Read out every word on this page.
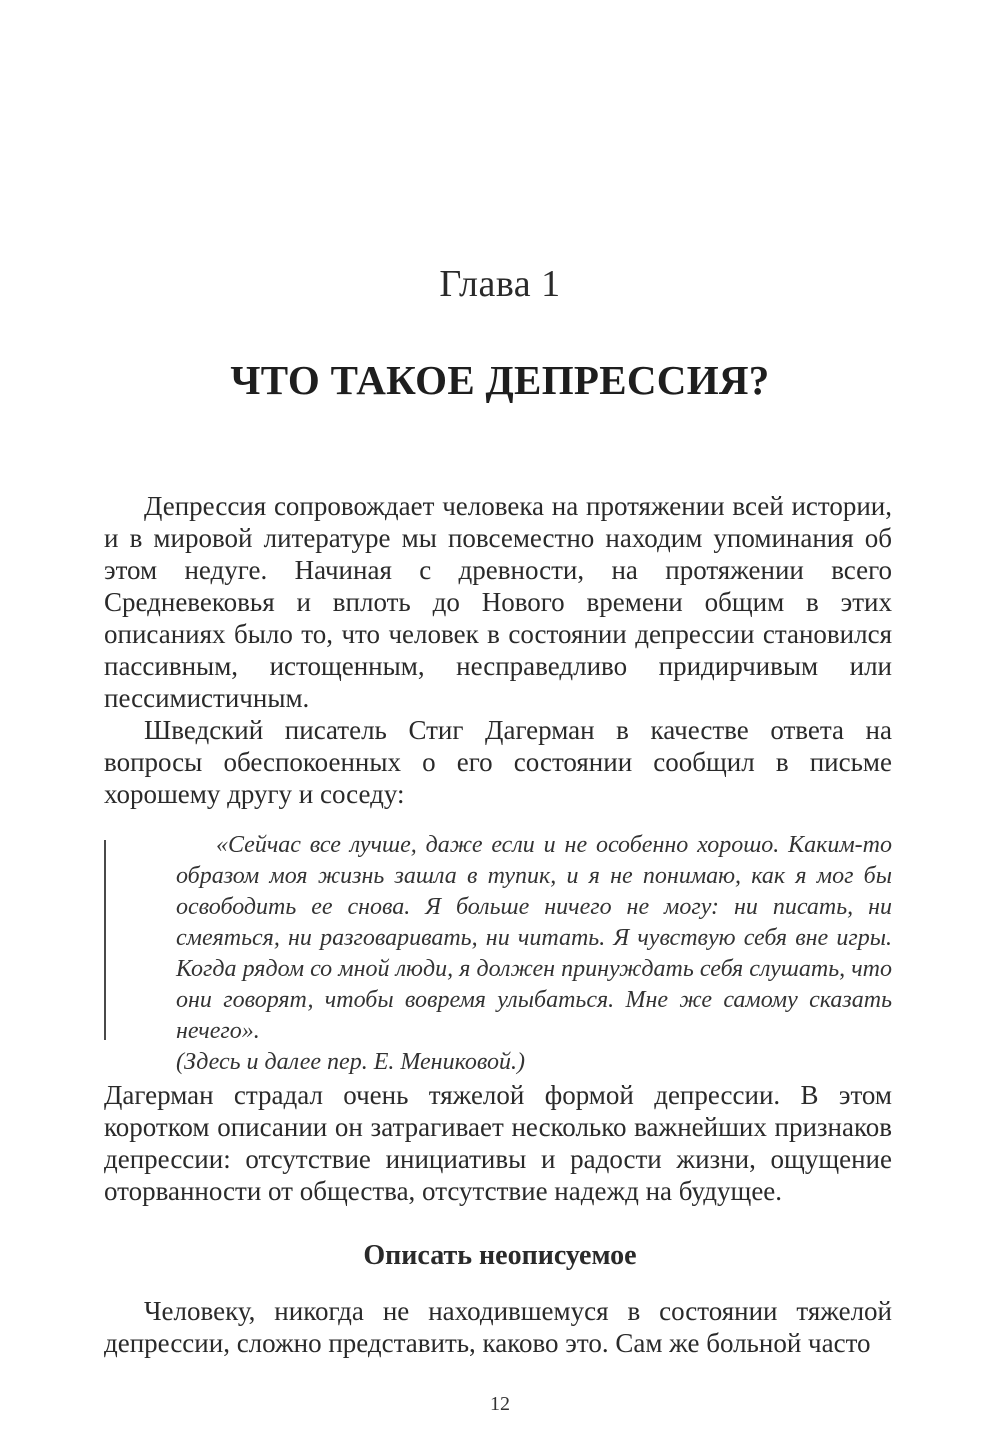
Глава 1
ЧТО ТАКОЕ ДЕПРЕССИЯ?

Депрессия сопровождает человека на протяжении всей истории, и в мировой литературе мы повсеместно находим упоминания об этом недуге. Начиная с древности, на протяжении всего Средневековья и вплоть до Нового времени общим в этих описаниях было то, что человек в состоянии депрессии становился пассивным, истощенным, несправедливо придирчивым или пессимистичным.

Шведский писатель Стиг Дагерман в качестве ответа на вопросы обеспокоенных о его состоянии сообщил в письме хорошему другу и соседу:

«Сейчас все лучше, даже если и не особенно хорошо. Каким-то образом моя жизнь зашла в тупик, и я не понимаю, как я мог бы освободить ее снова. Я больше ничего не могу: ни писать, ни смеяться, ни разговаривать, ни читать. Я чувствую себя вне игры. Когда рядом со мной люди, я должен принуждать себя слушать, что они говорят, чтобы вовремя улыбаться. Мне же самому сказать нечего».

(Здесь и далее пер. Е. Мениковой.)

Дагерман страдал очень тяжелой формой депрессии. В этом коротком описании он затрагивает несколько важнейших признаков депрессии: отсутствие инициативы и радости жизни, ощущение оторванности от общества, отсутствие надежд на будущее.

Описать неописуемое

Человеку, никогда не находившемуся в состоянии тяжелой депрессии, сложно представить, каково это. Сам же больной часто

12
